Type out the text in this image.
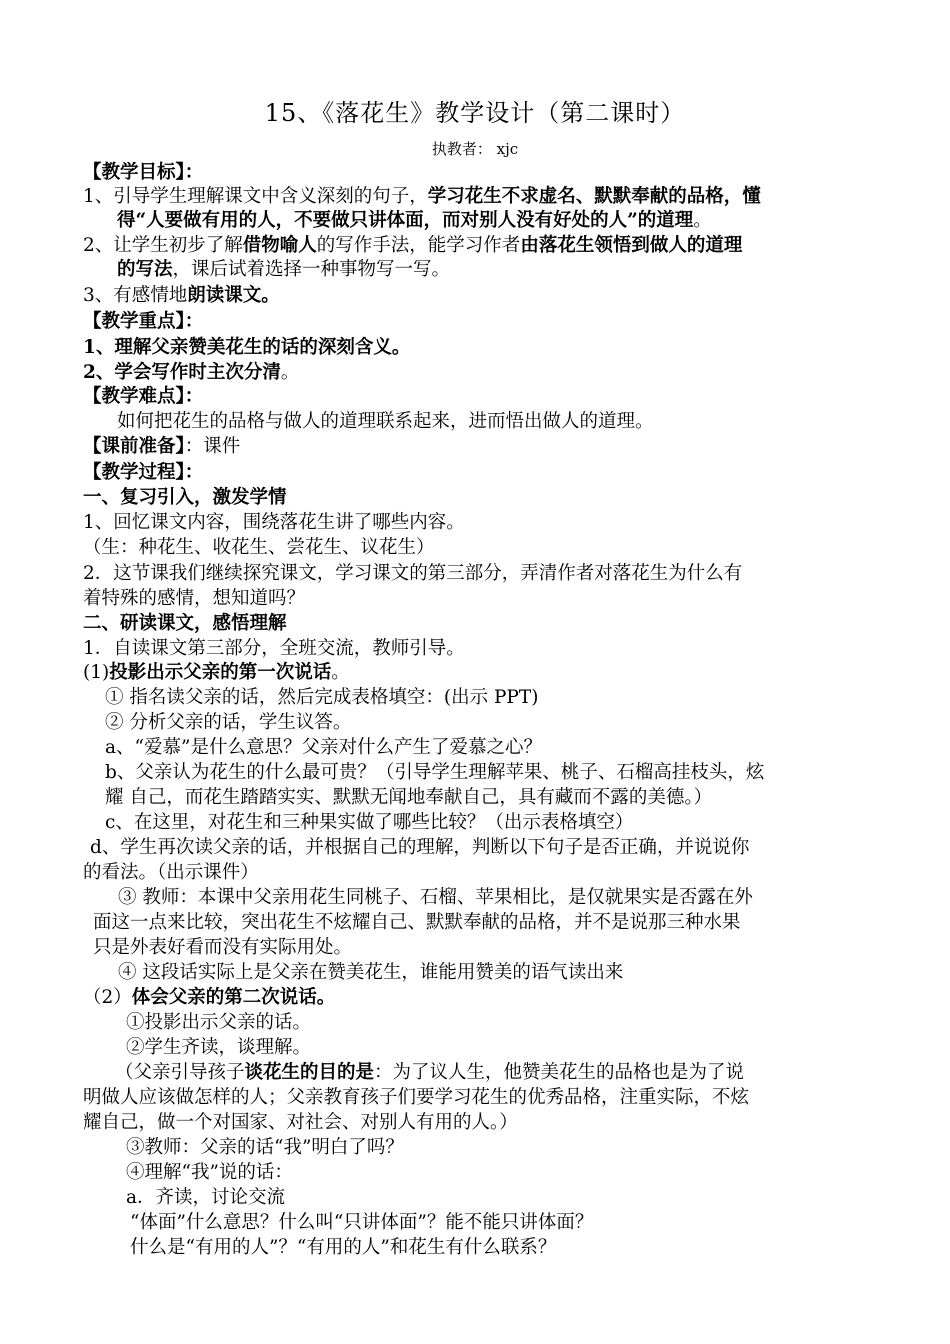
15、《落花生》教学设计（第二课时）
执教者： xjc
【教学目标】：
1、引导学生理解课文中含义深刻的句子，学习花生不求虚名、默默奉献的品格，懂
得“人要做有用的人，不要做只讲体面，而对别人没有好处的人”的道理。
2、让学生初步了解借物喻人的写作手法，能学习作者由落花生领悟到做人的道理
的写法，课后试着选择一种事物写一写。
3、有感情地朗读课文。
【教学重点】：
1、理解父亲赞美花生的话的深刻含义。
2、学会写作时主次分清。
【教学难点】：
如何把花生的品格与做人的道理联系起来，进而悟出做人的道理。
【课前准备】：课件
【教学过程】：
一、复习引入，激发学情
1、回忆课文内容，围绕落花生讲了哪些内容。
（生：种花生、收花生、尝花生、议花生）
2．这节课我们继续探究课文，学习课文的第三部分，弄清作者对落花生为什么有
着特殊的感情，想知道吗？
二、研读课文，感悟理解
1．自读课文第三部分，全班交流，教师引导。
(1)投影出示父亲的第一次说话。
① 指名读父亲的话，然后完成表格填空：(出示 PPT)
② 分析父亲的话，学生议答。
a、“爱慕”是什么意思？父亲对什么产生了爱慕之心？
b、父亲认为花生的什么最可贵？（引导学生理解苹果、桃子、石榴高挂枝头，炫
耀 自己，而花生踏踏实实、默默无闻地奉献自己，具有藏而不露的美德。）
c、在这里，对花生和三种果实做了哪些比较？（出示表格填空）
d、学生再次读父亲的话，并根据自己的理解，判断以下句子是否正确，并说说你
的看法。（出示课件）
③ 教师：本课中父亲用花生同桃子、石榴、苹果相比，是仅就果实是否露在外
面这一点来比较，突出花生不炫耀自己、默默奉献的品格，并不是说那三种水果
只是外表好看而没有实际用处。
④ 这段话实际上是父亲在赞美花生，谁能用赞美的语气读出来
（2）体会父亲的第二次说话。
①投影出示父亲的话。
②学生齐读，谈理解。
（父亲引导孩子谈花生的目的是：为了议人生，他赞美花生的品格也是为了说
明做人应该做怎样的人；父亲教育孩子们要学习花生的优秀品格，注重实际，不炫
耀自己，做一个对国家、对社会、对别人有用的人。）
③教师：父亲的话“我”明白了吗？
④理解“我”说的话：
a．齐读，讨论交流
“体面”什么意思？什么叫“只讲体面”？能不能只讲体面？
什么是“有用的人”？“有用的人”和花生有什么联系？
